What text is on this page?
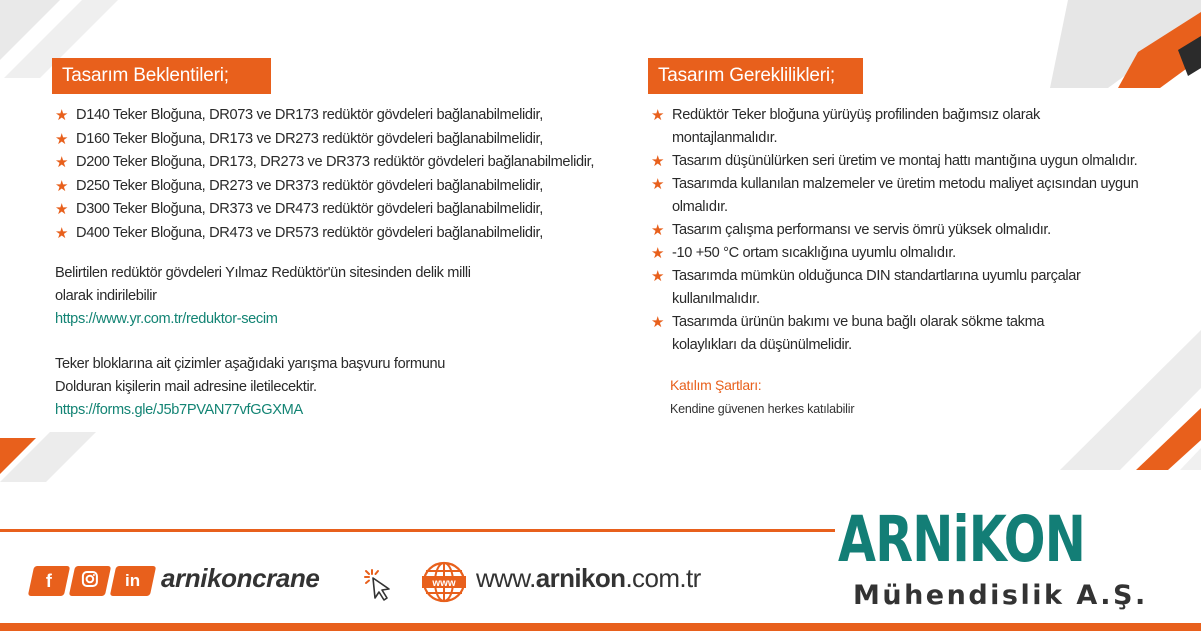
Tasarım Beklentileri;
★ D140 Teker Bloğuna, DR073 ve DR173 redüktör gövdeleri bağlanabilmelidir,
★ D160 Teker Bloğuna, DR173 ve DR273 redüktör gövdeleri bağlanabilmelidir,
★ D200 Teker Bloğuna, DR173, DR273 ve DR373 redüktör gövdeleri bağlanabilmelidir,
★ D250 Teker Bloğuna, DR273 ve DR373 redüktör gövdeleri bağlanabilmelidir,
★ D300 Teker Bloğuna, DR373 ve DR473 redüktör gövdeleri bağlanabilmelidir,
★ D400 Teker Bloğuna, DR473 ve DR573 redüktör gövdeleri bağlanabilmelidir,
Belirtilen redüktör gövdeleri Yılmaz Redüktör'ün sitesinden delik milli
olarak indirilebilir
https://www.yr.com.tr/reduktor-secim
Teker bloklarına ait çizimler aşağıdaki yarışma başvuru formunu
Dolduran kişilerin mail adresine iletilecektir.
https://forms.gle/J5b7PVAN77vfGGXMA
Tasarım Gereklilikleri;
★ Redüktör Teker bloğuna yürüyüş profilinden bağımsız olarak
montajlanmalıdır.
★ Tasarım düşünülürken seri üretim ve montaj hattı mantığına uygun olmalıdır.
★ Tasarımda kullanılan malzemeler ve üretim metodu maliyet açısından uygun
olmalıdır.
★ Tasarım çalışma performansı ve servis ömrü yüksek olmalıdır.
★ -10 +50 °C ortam sıcaklığına uyumlu olmalıdır.
★ Tasarımda mümkün olduğunca DIN standartlarına uyumlu parçalar
kullanılmalıdır.
★ Tasarımda ürünün bakımı ve buna bağlı olarak sökme takma
kolaylıkları da düşünülmelidir.
Katılım Şartları:
Kendine güvenen herkes katılabilir
f	in arnikoncrane	www www.arnikon.com.tr
ARNiKON
Mühendislik A.Ş.
